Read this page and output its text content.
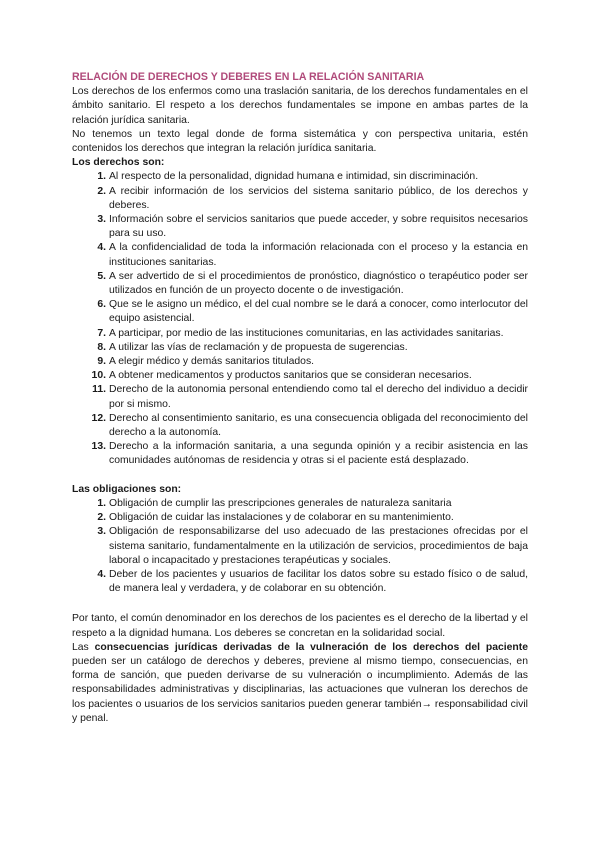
RELACIÓN DE DERECHOS Y DEBERES EN LA RELACIÓN SANITARIA

Los derechos de los enfermos como una traslación sanitaria, de los derechos fundamentales en el ámbito sanitario. El respeto a los derechos fundamentales se impone en ambas partes de la relación jurídica sanitaria.

No tenemos un texto legal donde de forma sistemática y con perspectiva unitaria, estén contenidos los derechos que integran la relación jurídica sanitaria.

Los derechos son:
1. Al respecto de la personalidad, dignidad humana e intimidad, sin discriminación.
2. A recibir información de los servicios del sistema sanitario público, de los derechos y deberes.
3. Información sobre el servicios sanitarios que puede acceder, y sobre requisitos necesarios para su uso.
4. A la confidencialidad de toda la información relacionada con el proceso y la estancia en instituciones sanitarias.
5. A ser advertido de si el procedimientos de pronóstico, diagnóstico o terapéutico poder ser utilizados en función de un proyecto docente o de investigación.
6. Que se le asigno un médico, el del cual nombre se le dará a conocer, como interlocutor del equipo asistencial.
7. A participar, por medio de las instituciones comunitarias, en las actividades sanitarias.
8. A utilizar las vías de reclamación y de propuesta de sugerencias.
9. A elegir médico y demás sanitarios titulados.
10. A obtener medicamentos y productos sanitarios que se consideran necesarios.
11. Derecho de la autonomia personal entendiendo como tal el derecho del individuo a decidir por si mismo.
12. Derecho al consentimiento sanitario, es una consecuencia obligada del reconocimiento del derecho a la autonomía.
13. Derecho a la información sanitaria, a una segunda opinión y a recibir asistencia en las comunidades autónomas de residencia y otras si el paciente está desplazado.
Las obligaciones son:
1. Obligación de cumplir las prescripciones generales de naturaleza sanitaria
2. Obligación de cuidar las instalaciones y de colaborar en su mantenimiento.
3. Obligación de responsabilizarse del uso adecuado de las prestaciones ofrecidas por el sistema sanitario, fundamentalmente en la utilización de servicios, procedimientos de baja laboral o incapacitado y prestaciones terapéuticas y sociales.
4. Deber de los pacientes y usuarios de facilitar los datos sobre su estado físico o de salud, de manera leal y verdadera, y de colaborar en su obtención.

Por tanto, el común denominador en los derechos de los pacientes es el derecho de la libertad y el respeto a la dignidad humana. Los deberes se concretan en la solidaridad social.

Las consecuencias jurídicas derivadas de la vulneración de los derechos del paciente pueden ser un catálogo de derechos y deberes, previene al mismo tiempo, consecuencias, en forma de sanción, que pueden derivarse de su vulneración o incumplimiento. Además de las responsabilidades administrativas y disciplinarias, las actuaciones que vulneran los derechos de los pacientes o usuarios de los servicios sanitarios pueden generar también→ responsabilidad civil y penal.
